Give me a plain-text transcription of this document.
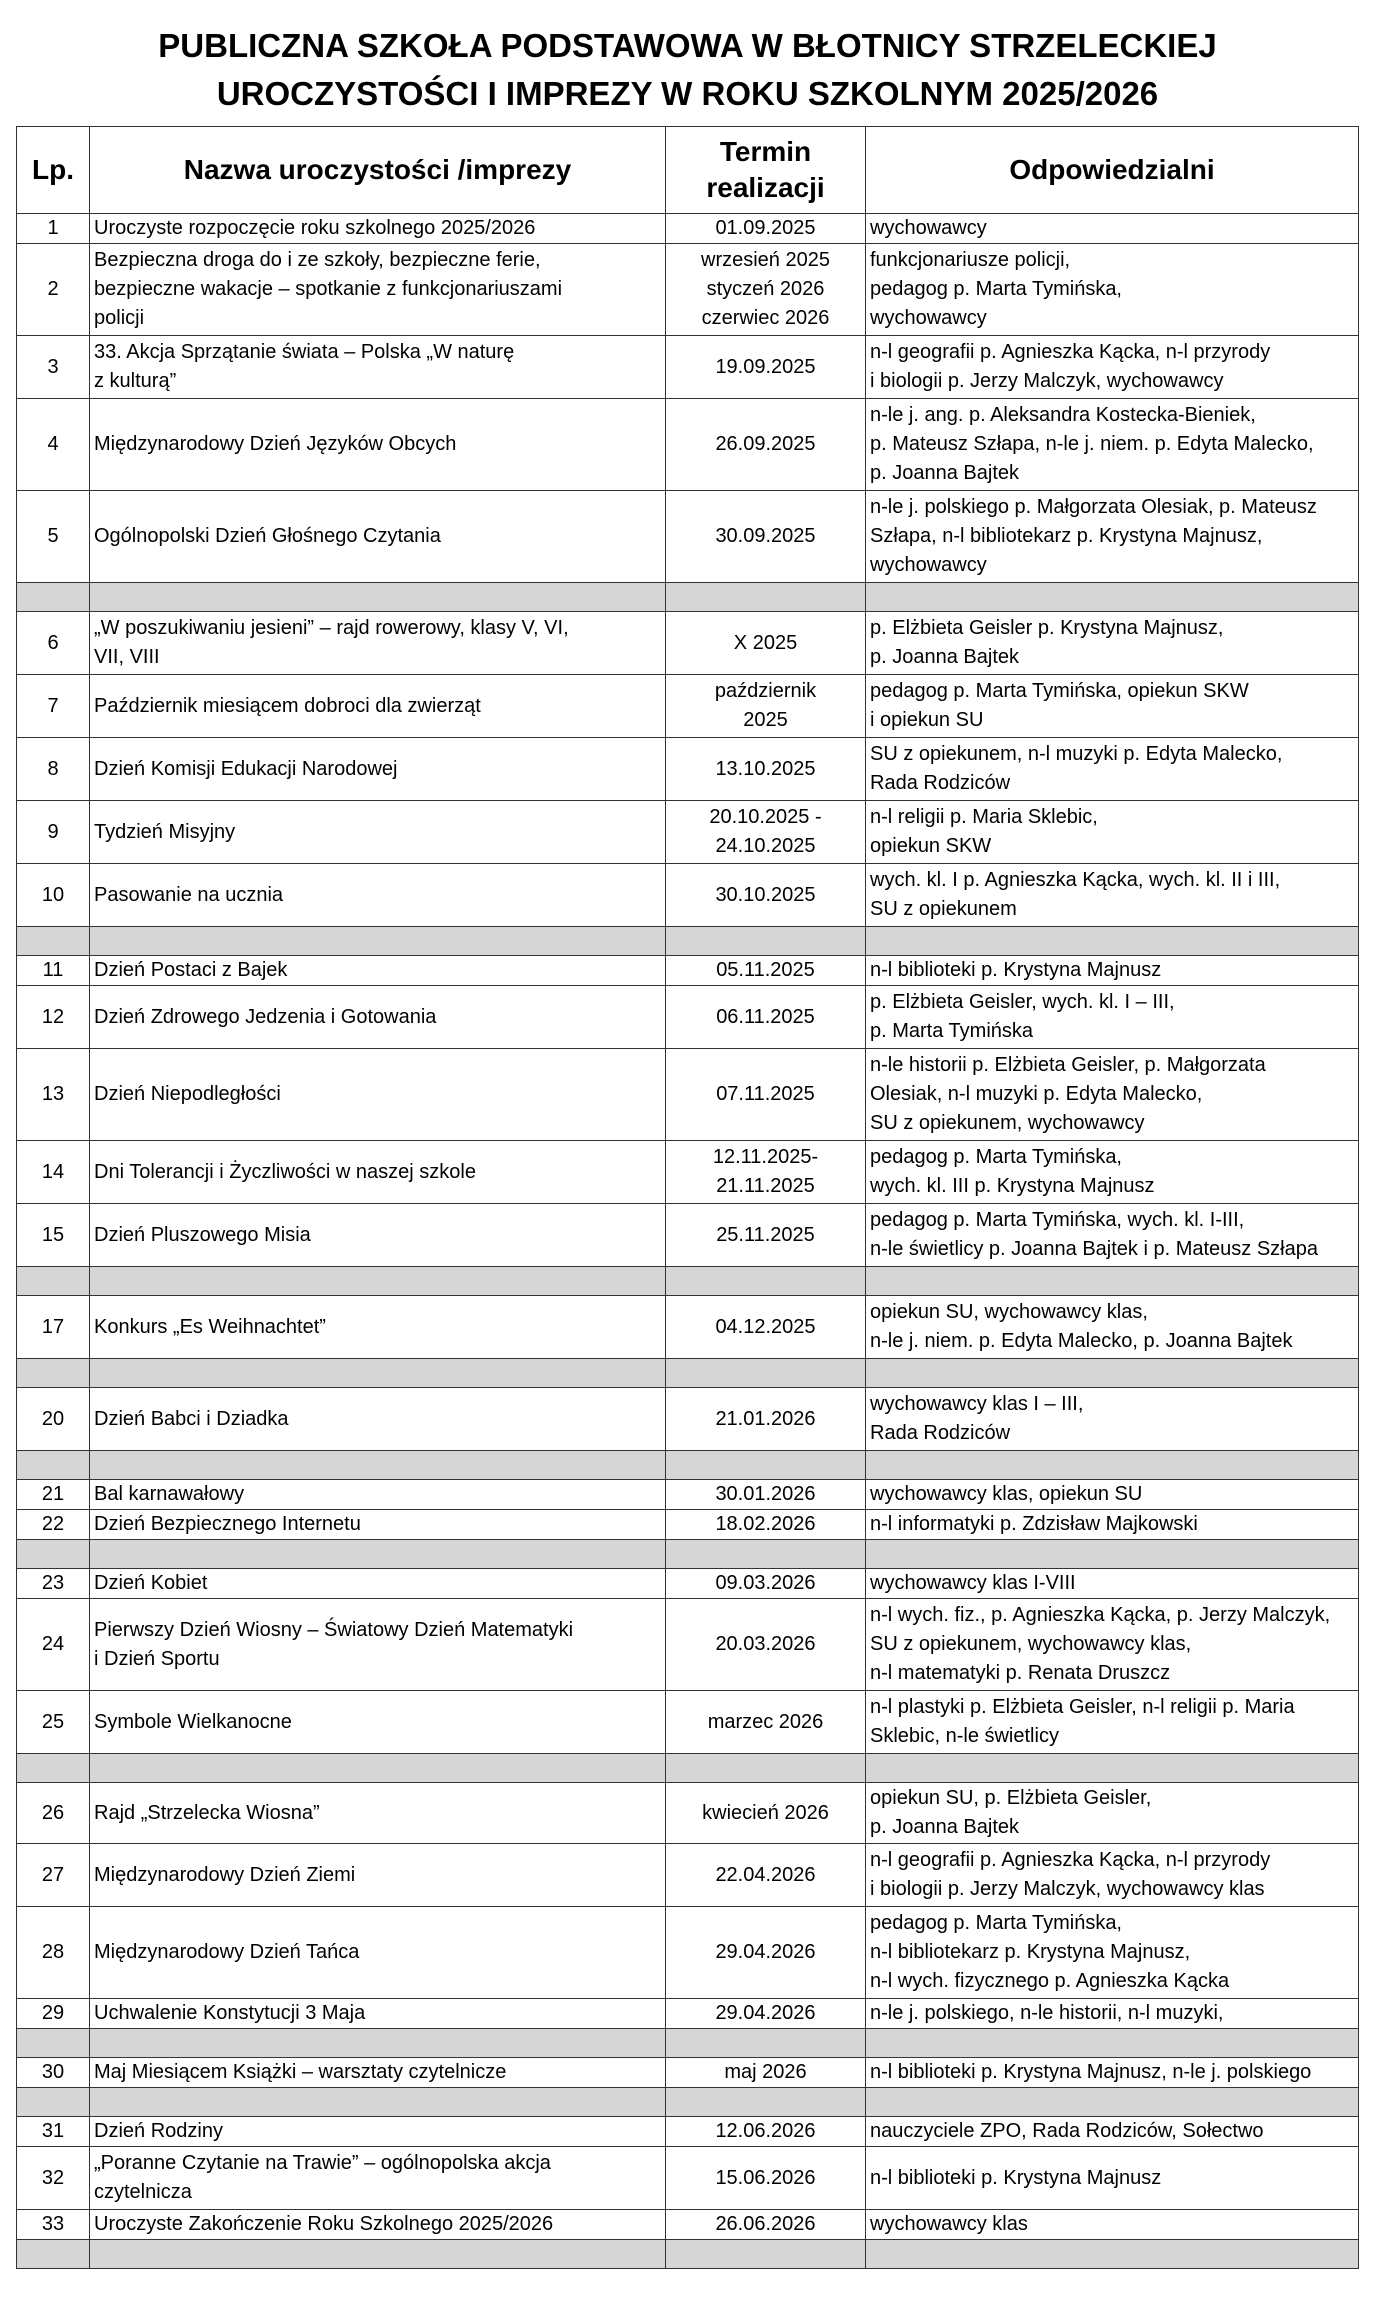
PUBLICZNA SZKOŁA PODSTAWOWA W BŁOTNICY STRZELECKIEJ
UROCZYSTOŚCI I IMPREZY W ROKU SZKOLNYM 2025/2026
Lp.	Nazwa uroczystości /imprezy	Termin
realizacji	Odpowiedzialni
1	Uroczyste rozpoczęcie roku szkolnego 2025/2026	01.09.2025	wychowawcy

2	Bezpieczna droga do i ze szkoły, bezpieczne ferie,
bezpieczne wakacje – spotkanie z funkcjonariuszami
policji	wrzesień 2025
styczeń 2026
czerwiec 2026	funkcjonariusze policji,
pedagog p. Marta Tymińska,
wychowawcy

3	33. Akcja Sprzątanie świata – Polska „W naturę
z kulturą”	19.09.2025	n-l geografii p. Agnieszka Kącka, n-l przyrody
i biologii p. Jerzy Malczyk, wychowawcy

4	Międzynarodowy Dzień Języków Obcych	26.09.2025	n-le j. ang. p. Aleksandra Kostecka-Bieniek,
p. Mateusz Szłapa, n-le j. niem. p. Edyta Malecko,
p. Joanna Bajtek

5	Ogólnopolski Dzień Głośnego Czytania	30.09.2025	n-le j. polskiego p. Małgorzata Olesiak, p. Mateusz
Szłapa, n-l bibliotekarz p. Krystyna Majnusz,
wychowawcy

6	„W poszukiwaniu jesieni” – rajd rowerowy, klasy V, VI,
VII, VIII	X 2025	p. Elżbieta Geisler p. Krystyna Majnusz,
p. Joanna Bajtek

7	Październik miesiącem dobroci dla zwierząt	październik
2025	pedagog p. Marta Tymińska, opiekun SKW
i opiekun SU

8	Dzień Komisji Edukacji Narodowej	13.10.2025	SU z opiekunem, n-l muzyki p. Edyta Malecko,
Rada Rodziców

9	Tydzień Misyjny	20.10.2025 -
24.10.2025	n-l religii p. Maria Sklebic,
opiekun SKW

10	Pasowanie na ucznia	30.10.2025	wych. kl. I p. Agnieszka Kącka, wych. kl. II i III,
SU z opiekunem

11	Dzień Postaci z Bajek	05.11.2025	n-l biblioteki p. Krystyna Majnusz

12	Dzień Zdrowego Jedzenia i Gotowania	06.11.2025	p. Elżbieta Geisler, wych. kl. I – III,
p. Marta Tymińska

13	Dzień Niepodległości	07.11.2025	n-le historii p. Elżbieta Geisler, p. Małgorzata
Olesiak, n-l muzyki p. Edyta Malecko,
SU z opiekunem, wychowawcy

14	Dni Tolerancji i Życzliwości w naszej szkole	12.11.2025-
21.11.2025	pedagog p. Marta Tymińska,
wych. kl. III p. Krystyna Majnusz

15	Dzień Pluszowego Misia	25.11.2025	pedagog p. Marta Tymińska, wych. kl. I-III,
n-le świetlicy p. Joanna Bajtek i p. Mateusz Szłapa

17	Konkurs „Es Weihnachtet”	04.12.2025	opiekun SU, wychowawcy klas,
n-le j. niem. p. Edyta Malecko, p. Joanna Bajtek

20	Dzień Babci i Dziadka	21.01.2026	wychowawcy klas I – III,
Rada Rodziców

21	Bal karnawałowy	30.01.2026	wychowawcy klas, opiekun SU

22	Dzień Bezpiecznego Internetu	18.02.2026	n-l informatyki p. Zdzisław Majkowski

23	Dzień Kobiet	09.03.2026	wychowawcy klas I-VIII

24	Pierwszy Dzień Wiosny – Światowy Dzień Matematyki
i Dzień Sportu	20.03.2026	n-l wych. fiz., p. Agnieszka Kącka, p. Jerzy Malczyk,
SU z opiekunem, wychowawcy klas,
n-l matematyki p. Renata Druszcz

25	Symbole Wielkanocne	marzec 2026	n-l plastyki p. Elżbieta Geisler, n-l religii p. Maria
Sklebic, n-le świetlicy

26	Rajd „Strzelecka Wiosna”	kwiecień 2026	opiekun SU, p. Elżbieta Geisler,
p. Joanna Bajtek

27	Międzynarodowy Dzień Ziemi	22.04.2026	n-l geografii p. Agnieszka Kącka, n-l przyrody
i biologii p. Jerzy Malczyk, wychowawcy klas

28	Międzynarodowy Dzień Tańca	29.04.2026	pedagog p. Marta Tymińska,
n-l bibliotekarz p. Krystyna Majnusz,
n-l wych. fizycznego p. Agnieszka Kącka

29	Uchwalenie Konstytucji 3 Maja	29.04.2026	n-le j. polskiego, n-le historii, n-l muzyki,

30	Maj Miesiącem Książki – warsztaty czytelnicze	maj 2026	n-l biblioteki p. Krystyna Majnusz, n-le j. polskiego

31	Dzień Rodziny	12.06.2026	nauczyciele ZPO, Rada Rodziców, Sołectwo

32	„Poranne Czytanie na Trawie” – ogólnopolska akcja
czytelnicza	15.06.2026	n-l biblioteki p. Krystyna Majnusz

33	Uroczyste Zakończenie Roku Szkolnego 2025/2026	26.06.2026	wychowawcy klas
